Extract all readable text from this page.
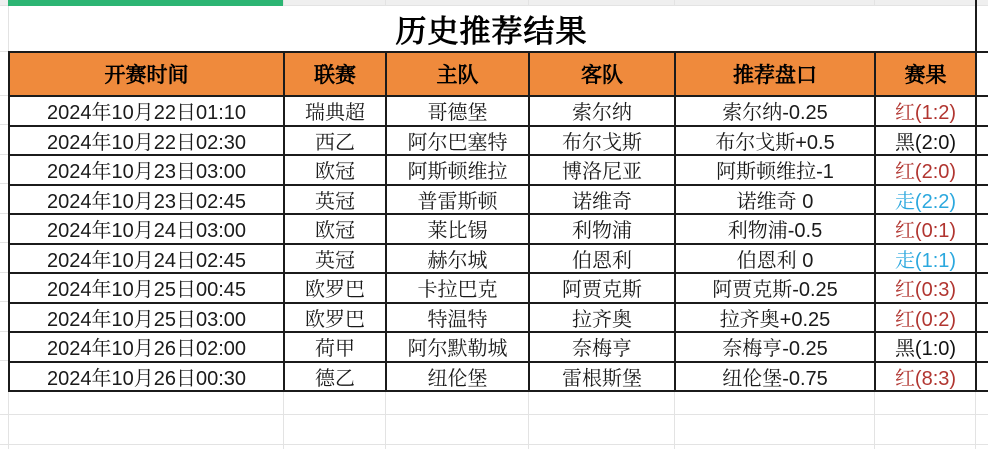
历史推荐结果
开赛时间	联赛	主队	客队	推荐盘口	赛果
2024年10月22日01:10	瑞典超	哥德堡	索尔纳	索尔纳-0.25	红(1:2)
2024年10月22日02:30	西乙	阿尔巴塞特	布尔戈斯	布尔戈斯+0.5	黑(2:0)
2024年10月23日03:00	欧冠	阿斯顿维拉	博洛尼亚	阿斯顿维拉-1	红(2:0)
2024年10月23日02:45	英冠	普雷斯顿	诺维奇	诺维奇 0	走(2:2)
2024年10月24日03:00	欧冠	莱比锡	利物浦	利物浦-0.5	红(0:1)
2024年10月24日02:45	英冠	赫尔城	伯恩利	伯恩利 0	走(1:1)
2024年10月25日00:45	欧罗巴	卡拉巴克	阿贾克斯	阿贾克斯-0.25	红(0:3)
2024年10月25日03:00	欧罗巴	特温特	拉齐奥	拉齐奥+0.25	红(0:2)
2024年10月26日02:00	荷甲	阿尔默勒城	奈梅亨	奈梅亨-0.25	黑(1:0)
2024年10月26日00:30	德乙	纽伦堡	雷根斯堡	纽伦堡-0.75	红(8:3)
